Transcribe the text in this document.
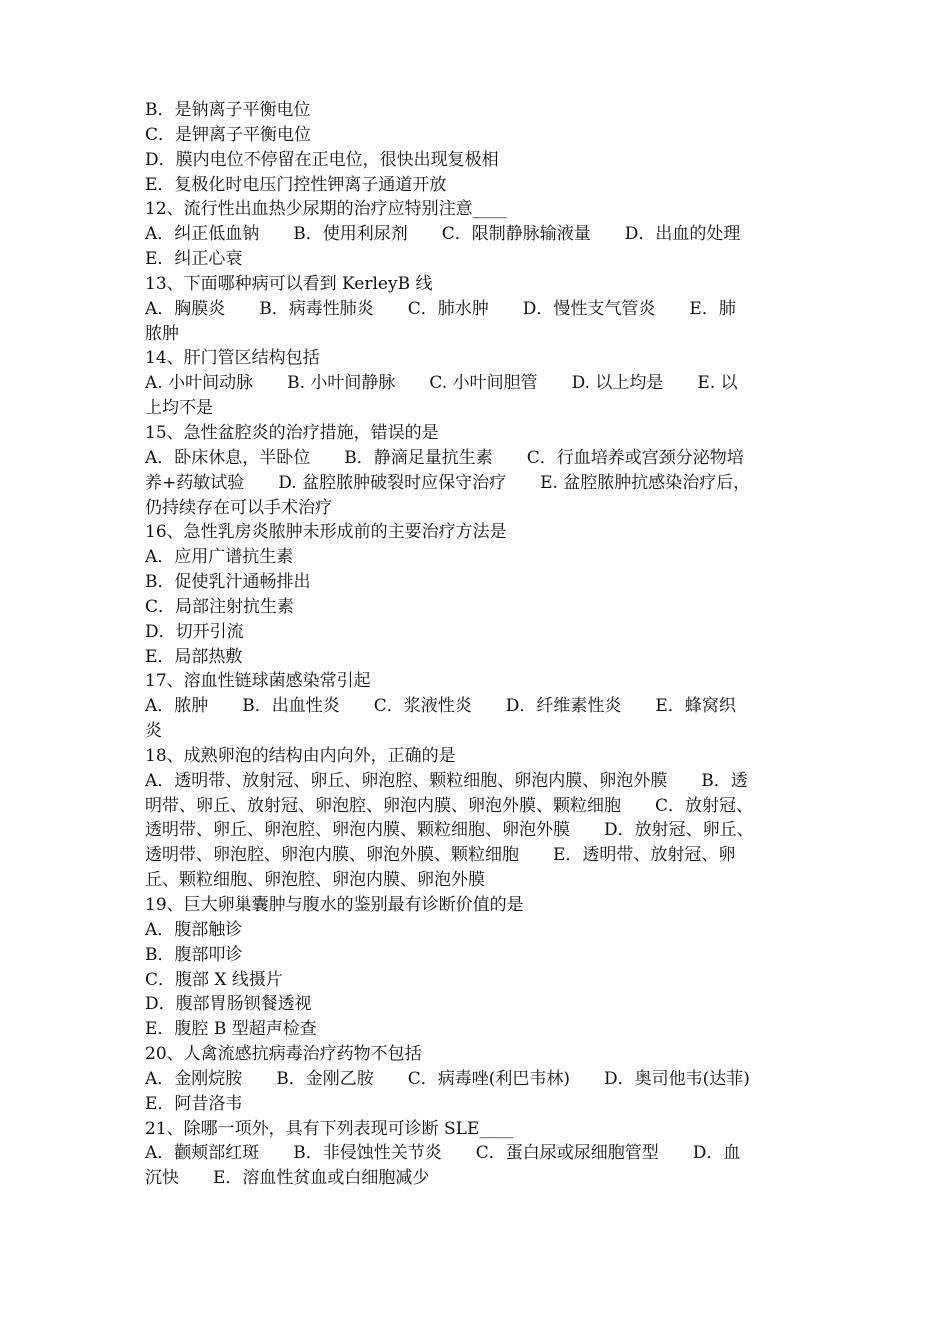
B．是钠离子平衡电位
C．是钾离子平衡电位
D．膜内电位不停留在正电位，很快出现复极相
E．复极化时电压门控性钾离子通道开放
12、流行性出血热少尿期的治疗应特别注意____
A．纠正低血钠　　B．使用利尿剂　　C．限制静脉输液量　　D．出血的处理
E．纠正心衰
13、下面哪种病可以看到 KerleyB 线
A．胸膜炎　　B．病毒性肺炎　　C．肺水肿　　D．慢性支气管炎　　E．肺
脓肿
14、肝门管区结构包括
A. 小叶间动脉　　B. 小叶间静脉　　C. 小叶间胆管　　D. 以上均是　　E. 以
上均不是
15、急性盆腔炎的治疗措施，错误的是
A．卧床休息，半卧位　　B．静滴足量抗生素　　C．行血培养或宫颈分泌物培
养+药敏试验　　D. 盆腔脓肿破裂时应保守治疗　　E. 盆腔脓肿抗感染治疗后，
仍持续存在可以手术治疗
16、急性乳房炎脓肿未形成前的主要治疗方法是
A．应用广谱抗生素
B．促使乳汁通畅排出
C．局部注射抗生素
D．切开引流
E．局部热敷
17、溶血性链球菌感染常引起
A．脓肿　　B．出血性炎　　C．浆液性炎　　D．纤维素性炎　　E．蜂窝织
炎
18、成熟卵泡的结构由内向外，正确的是
A．透明带、放射冠、卵丘、卵泡腔、颗粒细胞、卵泡内膜、卵泡外膜　　B．透
明带、卵丘、放射冠、卵泡腔、卵泡内膜、卵泡外膜、颗粒细胞　　C．放射冠、
透明带、卵丘、卵泡腔、卵泡内膜、颗粒细胞、卵泡外膜　　D．放射冠、卵丘、
透明带、卵泡腔、卵泡内膜、卵泡外膜、颗粒细胞　　E．透明带、放射冠、卵
丘、颗粒细胞、卵泡腔、卵泡内膜、卵泡外膜
19、巨大卵巢囊肿与腹水的鉴别最有诊断价值的是
A．腹部触诊
B．腹部叩诊
C．腹部 X 线摄片
D．腹部胃肠钡餐透视
E．腹腔 B 型超声检查
20、人禽流感抗病毒治疗药物不包括
A．金刚烷胺　　B．金刚乙胺　　C．病毒唑(利巴韦林)　　D．奥司他韦(达菲)
E．阿昔洛韦
21、除哪一项外，具有下列表现可诊断 SLE____
A．颧颊部红斑　　B．非侵蚀性关节炎　　C．蛋白尿或尿细胞管型　　D．血
沉快　　E．溶血性贫血或白细胞减少
